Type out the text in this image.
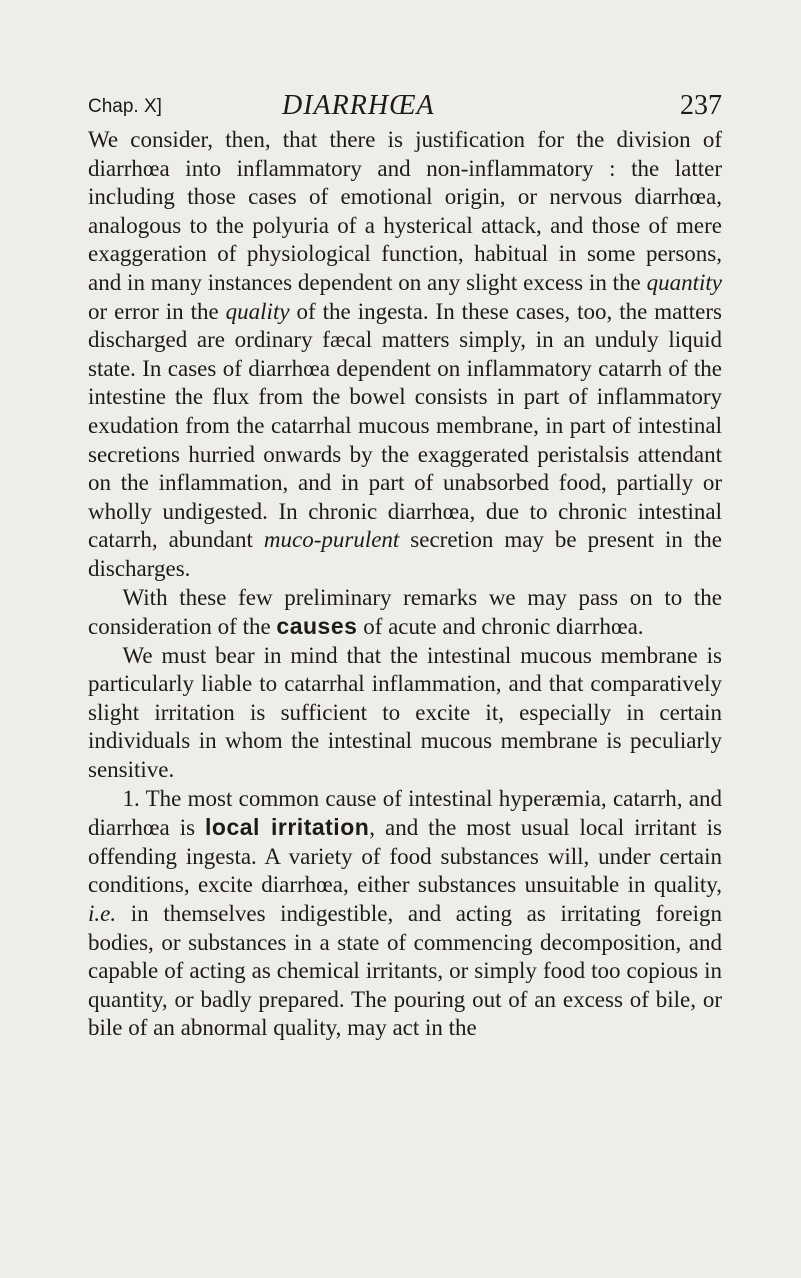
Chap. X]	DIARRHŒA	237

We consider, then, that there is justification for the division of diarrhœa into inflammatory and non-inflammatory : the latter including those cases of emotional origin, or nervous diarrhœa, analogous to the polyuria of a hysterical attack, and those of mere exaggeration of physiological function, habitual in some persons, and in many instances dependent on any slight excess in the quantity or error in the quality of the ingesta. In these cases, too, the matters discharged are ordinary fæcal matters simply, in an unduly liquid state. In cases of diarrhœa dependent on inflammatory catarrh of the intestine the flux from the bowel consists in part of inflammatory exudation from the catarrhal mucous membrane, in part of intestinal secretions hurried onwards by the exaggerated peristalsis attendant on the inflammation, and in part of unabsorbed food, partially or wholly undigested. In chronic diarrhœa, due to chronic intestinal catarrh, abundant muco-purulent secretion may be present in the discharges.

With these few preliminary remarks we may pass on to the consideration of the causes of acute and chronic diarrhœa.

We must bear in mind that the intestinal mucous membrane is particularly liable to catarrhal inflammation, and that comparatively slight irritation is sufficient to excite it, especially in certain individuals in whom the intestinal mucous membrane is peculiarly sensitive.

1. The most common cause of intestinal hyperæmia, catarrh, and diarrhœa is local irritation, and the most usual local irritant is offending ingesta. A variety of food substances will, under certain conditions, excite diarrhœa, either substances unsuitable in quality, i.e. in themselves indigestible, and acting as irritating foreign bodies, or substances in a state of commencing decomposition, and capable of acting as chemical irritants, or simply food too copious in quantity, or badly prepared. The pouring out of an excess of bile, or bile of an abnormal quality, may act in the
